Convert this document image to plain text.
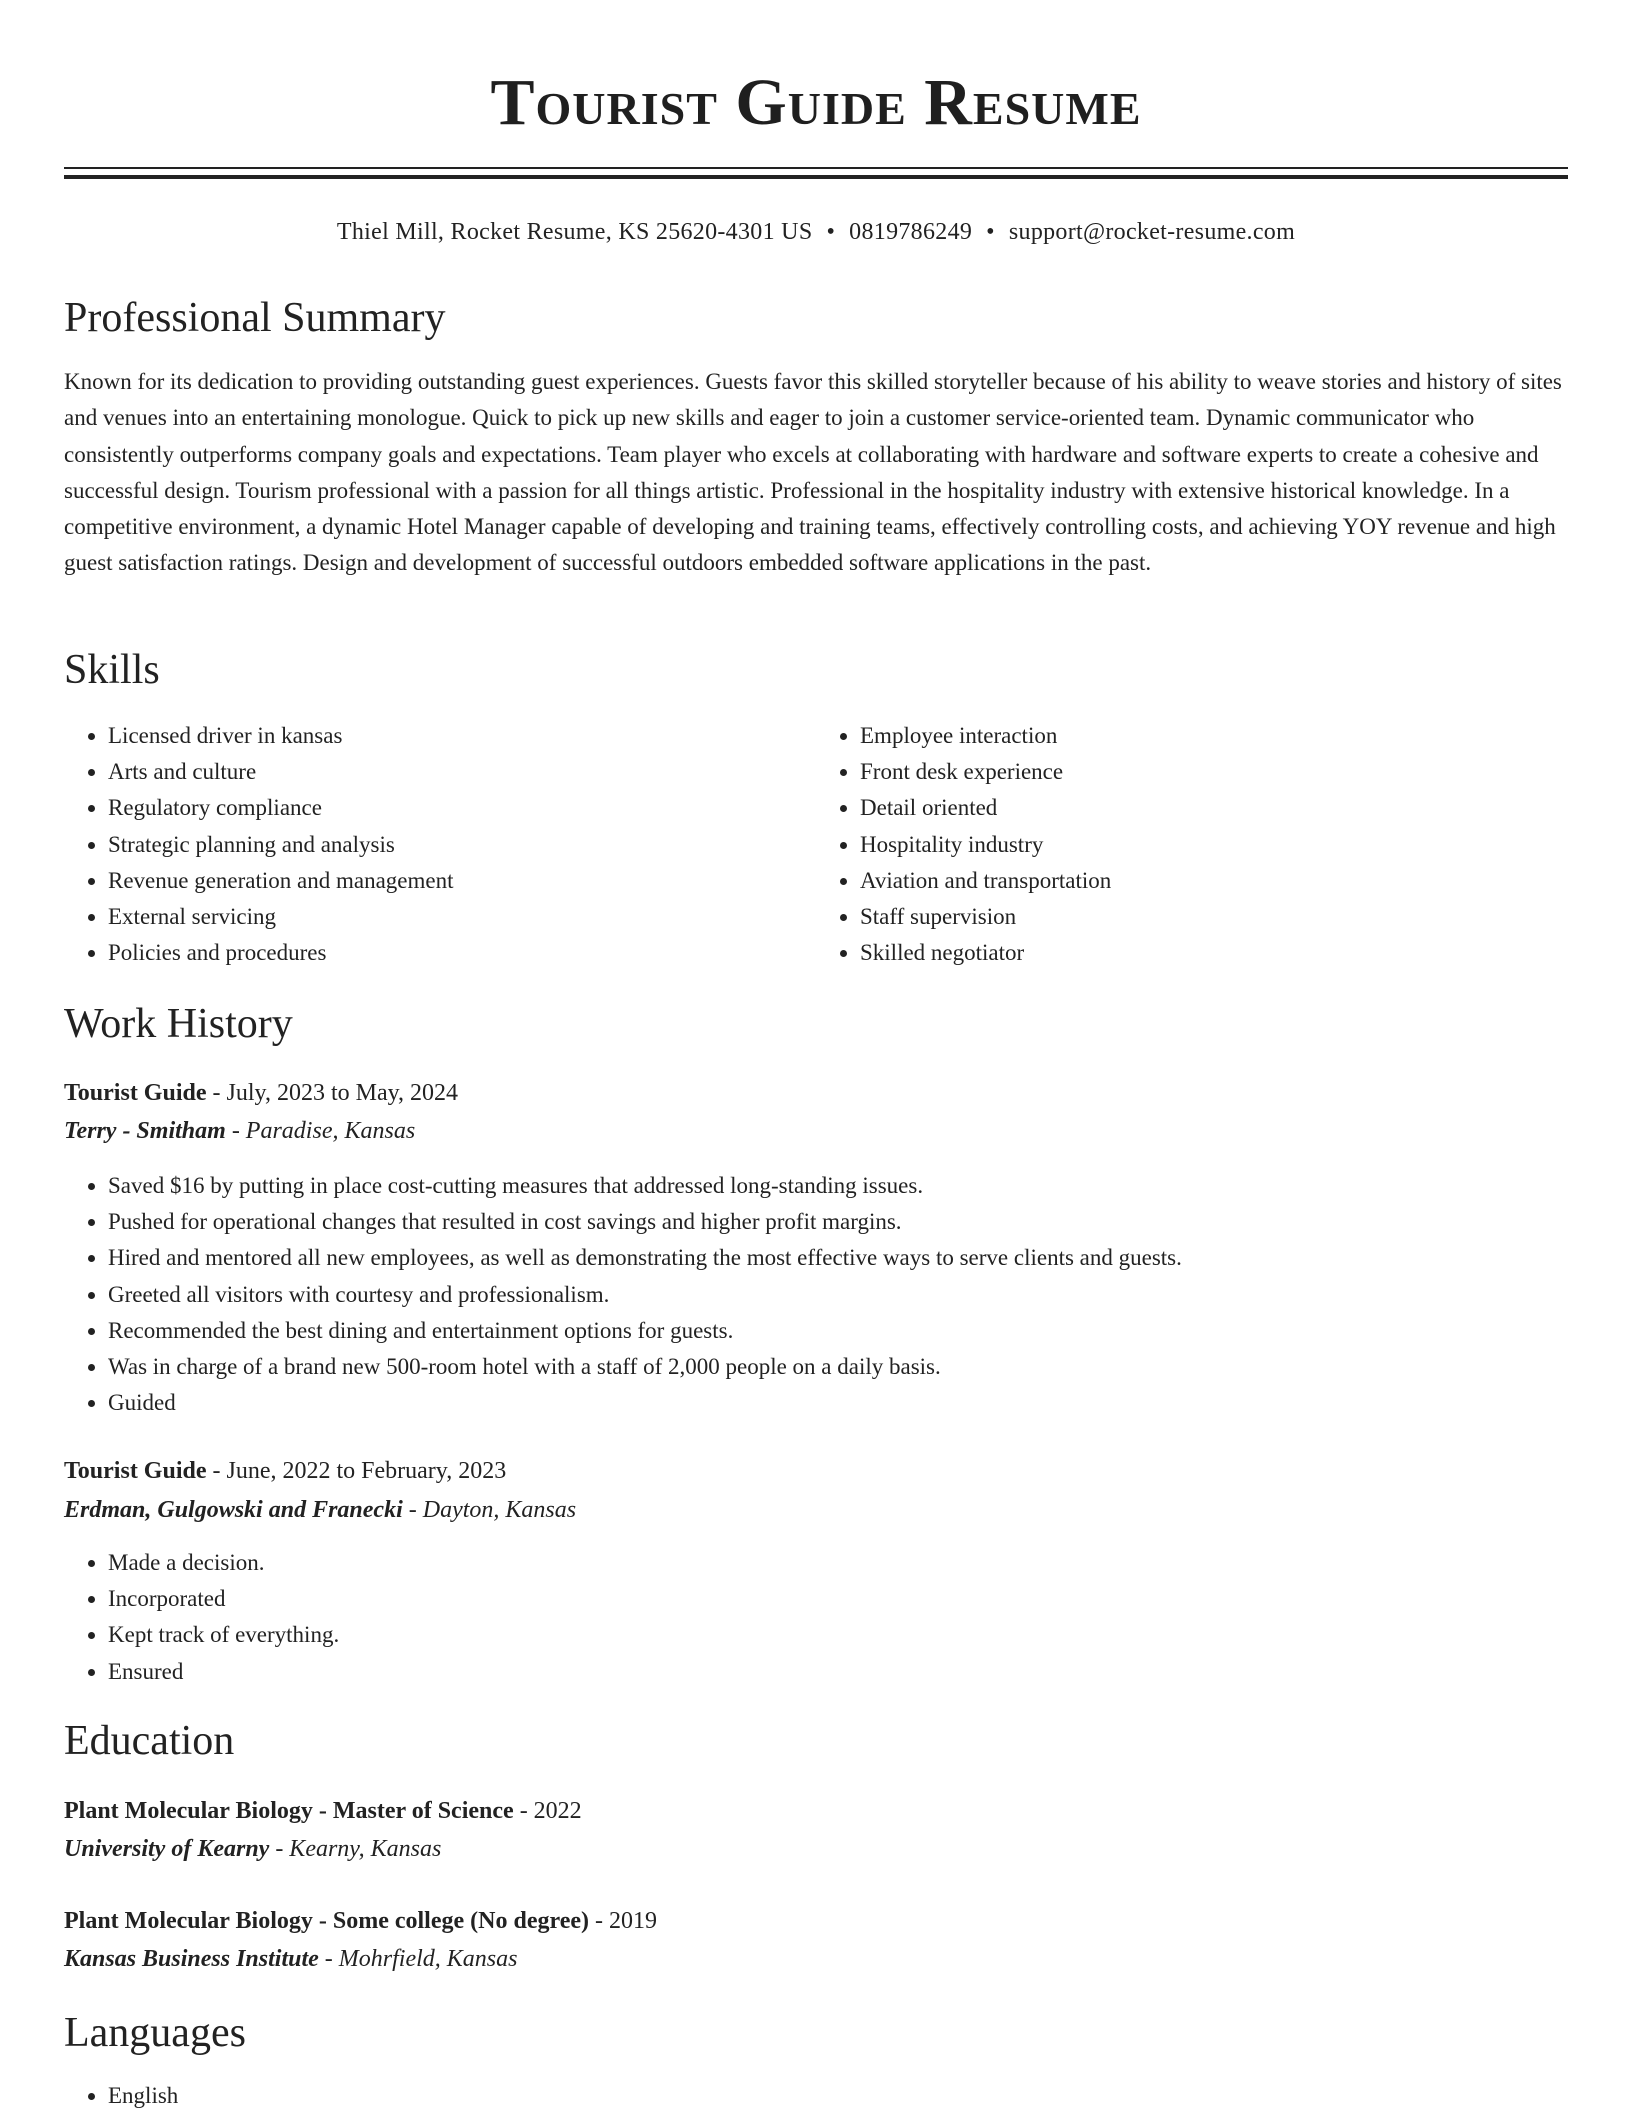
Tourist Guide Resume
Thiel Mill, Rocket Resume, KS 25620-4301 US • 0819786249 • support@rocket-resume.com
Professional Summary

Known for its dedication to providing outstanding guest experiences. Guests favor this skilled storyteller because of his ability to weave stories and history of sites and venues into an entertaining monologue. Quick to pick up new skills and eager to join a customer service-oriented team. Dynamic communicator who consistently outperforms company goals and expectations. Team player who excels at collaborating with hardware and software experts to create a cohesive and successful design. Tourism professional with a passion for all things artistic. Professional in the hospitality industry with extensive historical knowledge. In a competitive environment, a dynamic Hotel Manager capable of developing and training teams, effectively controlling costs, and achieving YOY revenue and high guest satisfaction ratings. Design and development of successful outdoors embedded software applications in the past.

Skills
• Licensed driver in kansas
• Arts and culture
• Regulatory compliance
• Strategic planning and analysis
• Revenue generation and management
• External servicing
• Policies and procedures
• Employee interaction
• Front desk experience
• Detail oriented
• Hospitality industry
• Aviation and transportation
• Staff supervision
• Skilled negotiator
Work History
Tourist Guide - July, 2023 to May, 2024
Terry - Smitham - Paradise, Kansas
• Saved $16 by putting in place cost-cutting measures that addressed long-standing issues.
• Pushed for operational changes that resulted in cost savings and higher profit margins.
• Hired and mentored all new employees, as well as demonstrating the most effective ways to serve clients and guests.
• Greeted all visitors with courtesy and professionalism.
• Recommended the best dining and entertainment options for guests.
• Was in charge of a brand new 500-room hotel with a staff of 2,000 people on a daily basis.
• Guided
Tourist Guide - June, 2022 to February, 2023
Erdman, Gulgowski and Franecki - Dayton, Kansas
• Made a decision.
• Incorporated
• Kept track of everything.
• Ensured
Education
Plant Molecular Biology - Master of Science - 2022
University of Kearny - Kearny, Kansas
Plant Molecular Biology - Some college (No degree) - 2019
Kansas Business Institute - Mohrfield, Kansas
Languages
• English
